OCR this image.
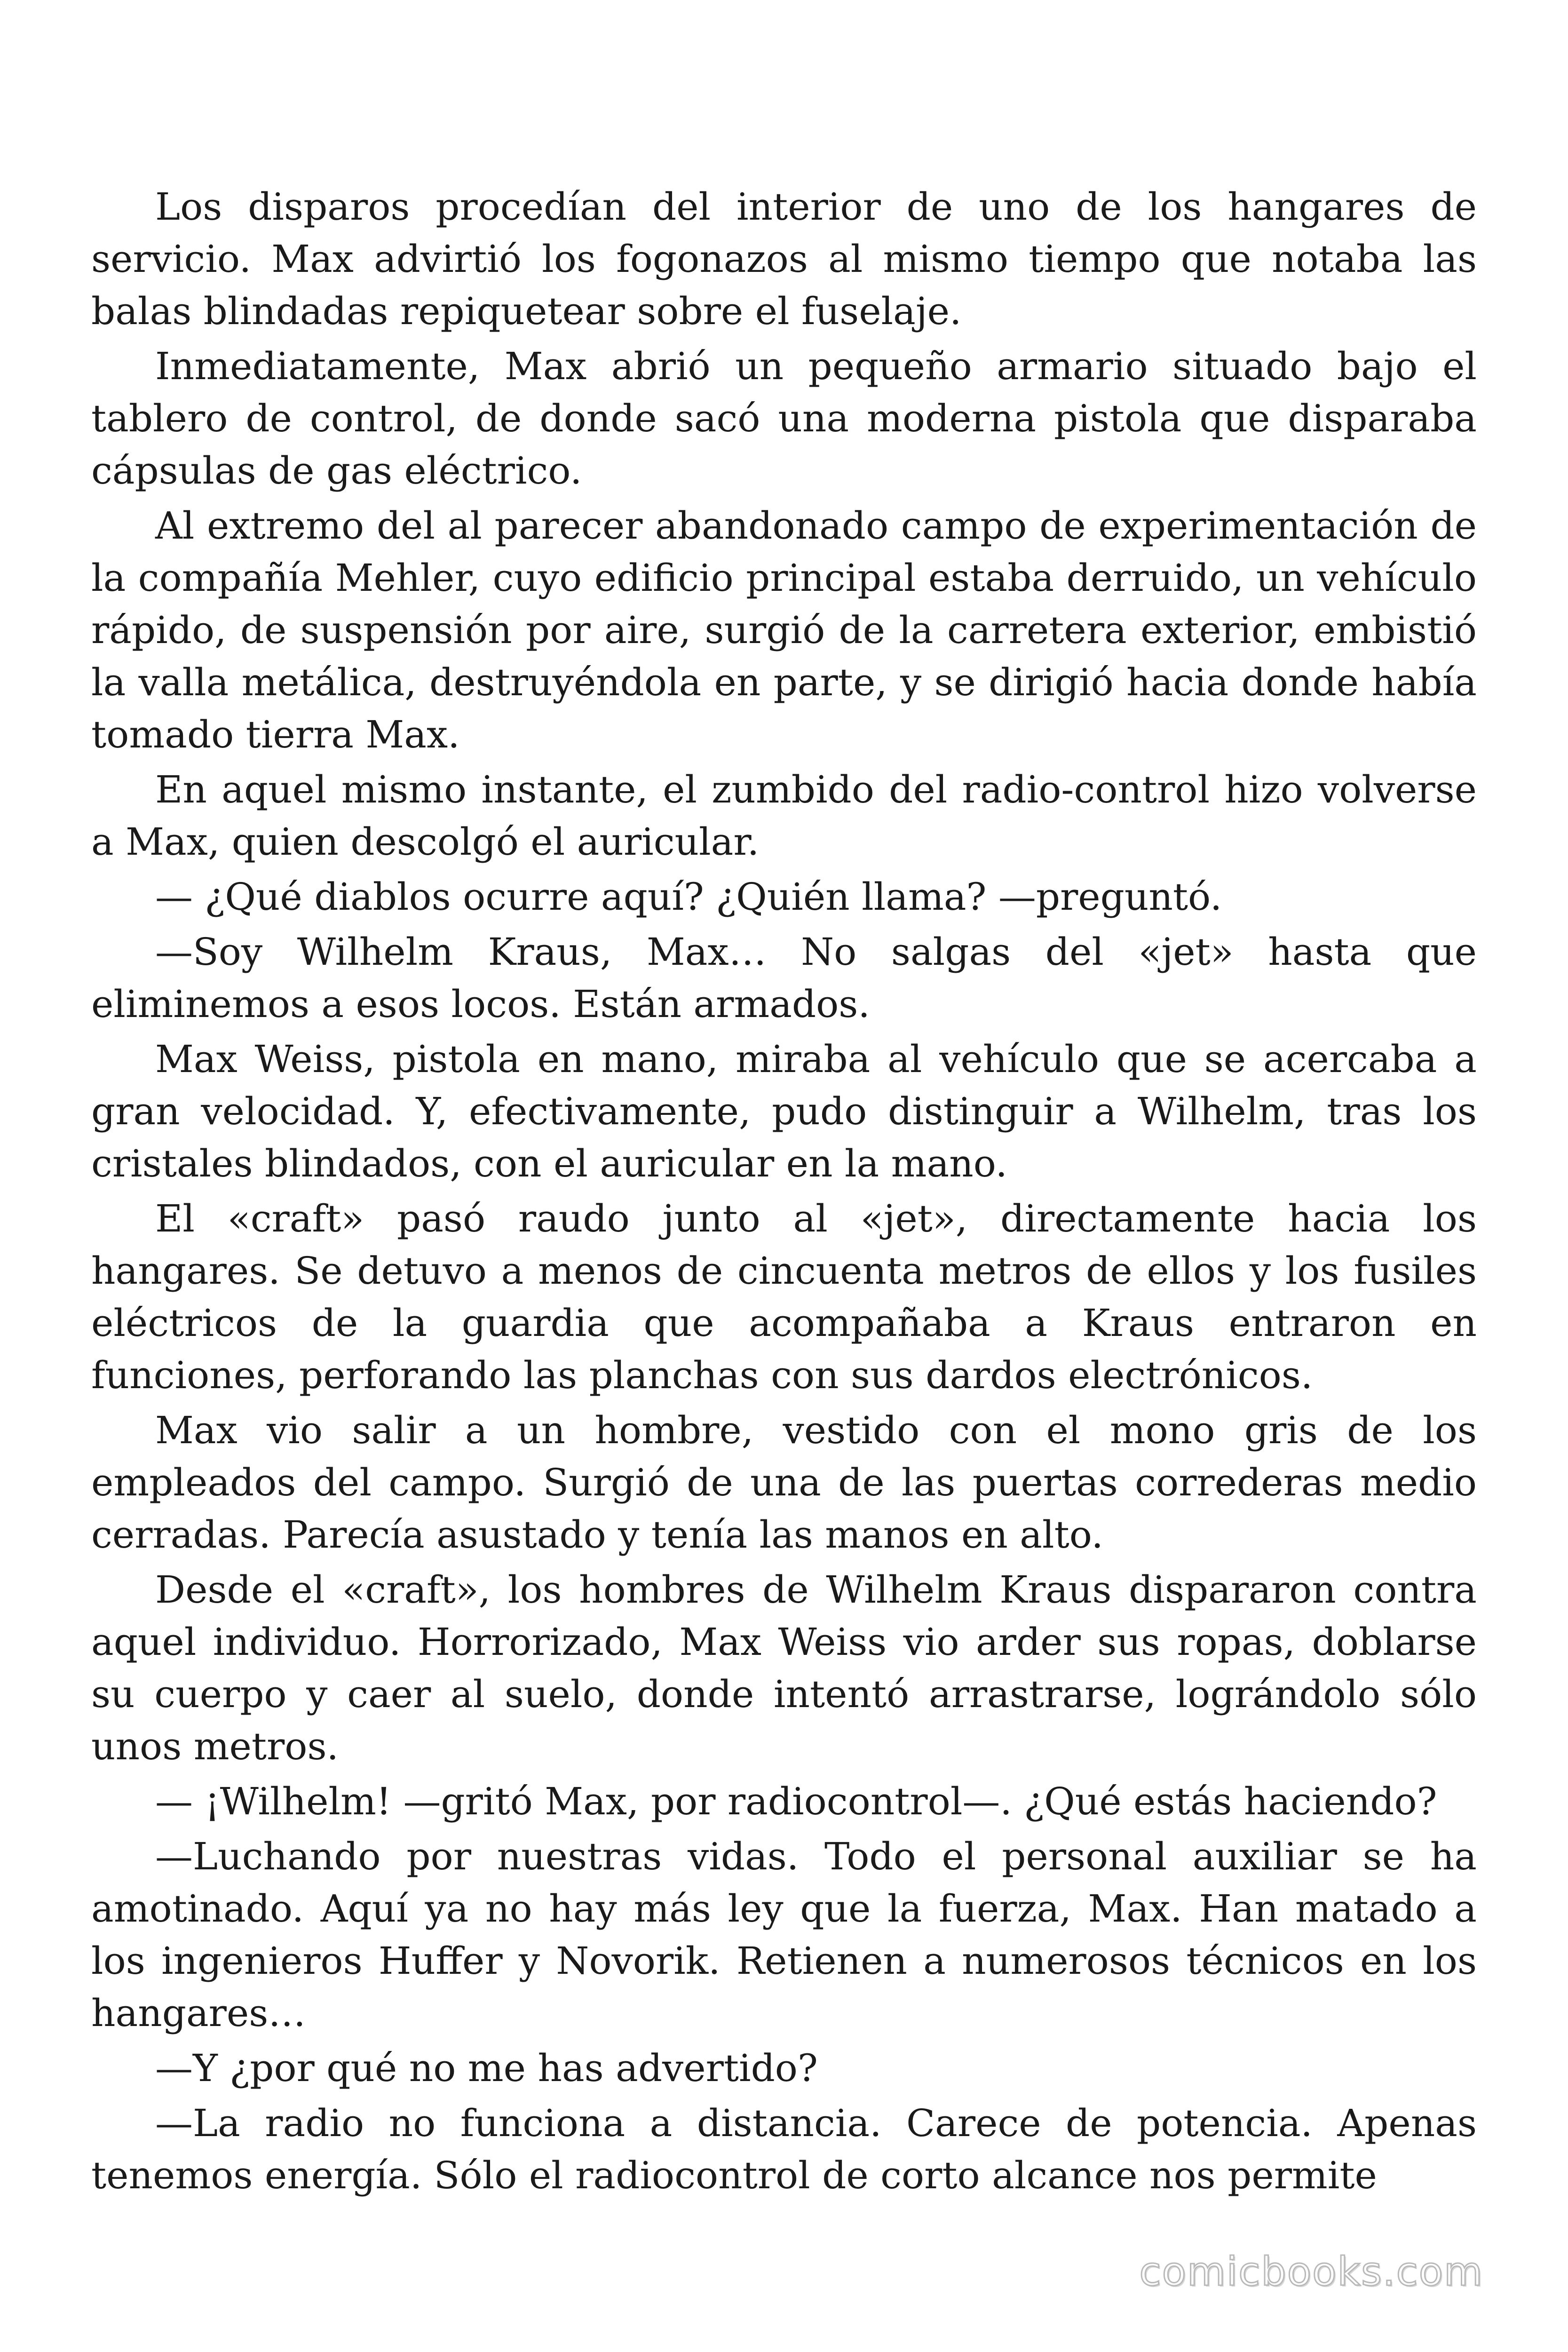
Los disparos procedían del interior de uno de los hangares de servicio. Max advirtió los fogonazos al mismo tiempo que notaba las balas blindadas repiquetear sobre el fuselaje.

Inmediatamente, Max abrió un pequeño armario situado bajo el tablero de control, de donde sacó una moderna pistola que disparaba cápsulas de gas eléctrico.

Al extremo del al parecer abandonado campo de experimentación de la compañía Mehler, cuyo edificio principal estaba derruido, un vehículo rápido, de suspensión por aire, surgió de la carretera exterior, embistió la valla metálica, destruyéndola en parte, y se dirigió hacia donde había tomado tierra Max.

En aquel mismo instante, el zumbido del radio-control hizo volverse a Max, quien descolgó el auricular.

— ¿Qué diablos ocurre aquí? ¿Quién llama? —preguntó.

—Soy Wilhelm Kraus, Max… No salgas del «jet» hasta que eliminemos a esos locos. Están armados.

Max Weiss, pistola en mano, miraba al vehículo que se acercaba a gran velocidad. Y, efectivamente, pudo distinguir a Wilhelm, tras los cristales blindados, con el auricular en la mano.

El «craft» pasó raudo junto al «jet», directamente hacia los hangares. Se detuvo a menos de cincuenta metros de ellos y los fusiles eléctricos de la guardia que acompañaba a Kraus entraron en funciones, perforando las planchas con sus dardos electrónicos.

Max vio salir a un hombre, vestido con el mono gris de los empleados del campo. Surgió de una de las puertas correderas medio cerradas. Parecía asustado y tenía las manos en alto.

Desde el «craft», los hombres de Wilhelm Kraus dispararon contra aquel individuo. Horrorizado, Max Weiss vio arder sus ropas, doblarse su cuerpo y caer al suelo, donde intentó arrastrarse, lográndolo sólo unos metros.

— ¡Wilhelm! —gritó Max, por radiocontrol—. ¿Qué estás haciendo?

—Luchando por nuestras vidas. Todo el personal auxiliar se ha amotinado. Aquí ya no hay más ley que la fuerza, Max. Han matado a los ingenieros Huffer y Novorik. Retienen a numerosos técnicos en los hangares…

—Y ¿por qué no me has advertido?

—La radio no funciona a distancia. Carece de potencia. Apenas tenemos energía. Sólo el radiocontrol de corto alcance nos permite

comicbooks.com
